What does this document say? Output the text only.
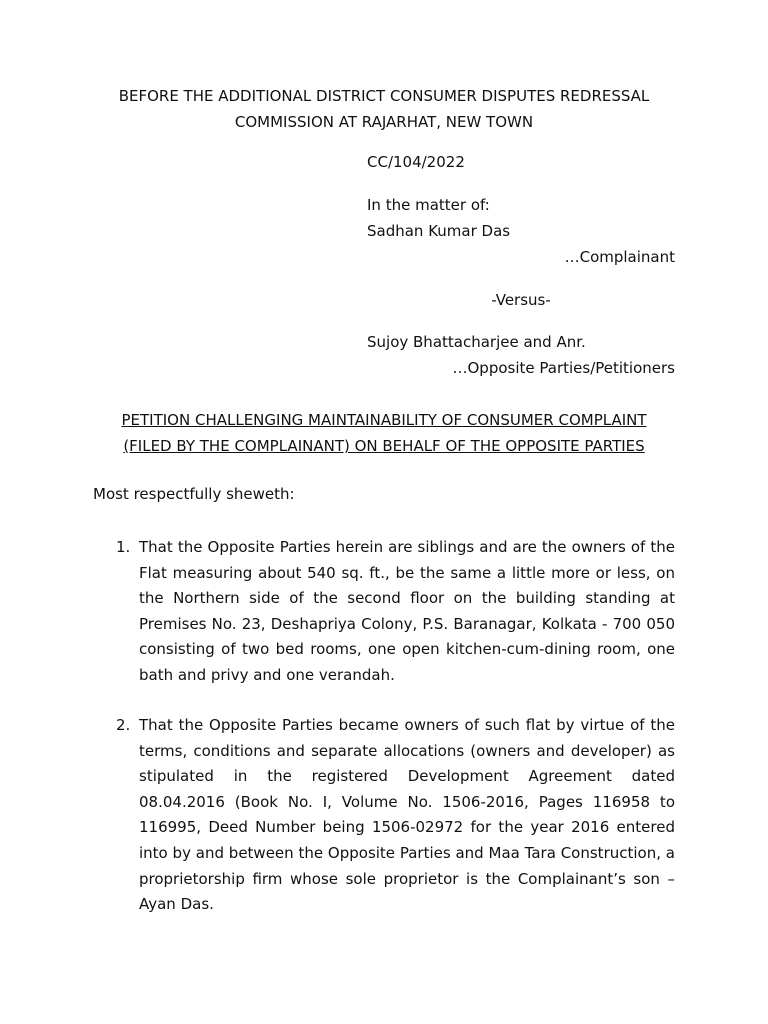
BEFORE THE ADDITIONAL DISTRICT CONSUMER DISPUTES REDRESSAL
COMMISSION AT RAJARHAT, NEW TOWN

CC/104/2022

In the matter of:

Sadhan Kumar Das

…Complainant

-Versus-

Sujoy Bhattacharjee and Anr.

…Opposite Parties/Petitioners

PETITION CHALLENGING MAINTAINABILITY OF CONSUMER COMPLAINT
(FILED BY THE COMPLAINANT) ON BEHALF OF THE OPPOSITE PARTIES

Most respectfully sheweth:

1. That the Opposite Parties herein are siblings and are the owners of the Flat measuring about 540 sq. ft., be the same a little more or less, on the Northern side of the second floor on the building standing at Premises No. 23, Deshapriya Colony, P.S. Baranagar, Kolkata - 700 050 consisting of two bed rooms, one open kitchen-cum-dining room, one bath and privy and one verandah.
2. That the Opposite Parties became owners of such flat by virtue of the terms, conditions and separate allocations (owners and developer) as stipulated in the registered Development Agreement dated 08.04.2016 (Book No. I, Volume No. 1506-2016, Pages 116958 to 116995, Deed Number being 1506-02972 for the year 2016 entered into by and between the Opposite Parties and Maa Tara Construction, a proprietorship firm whose sole proprietor is the Complainant’s son – Ayan Das.
